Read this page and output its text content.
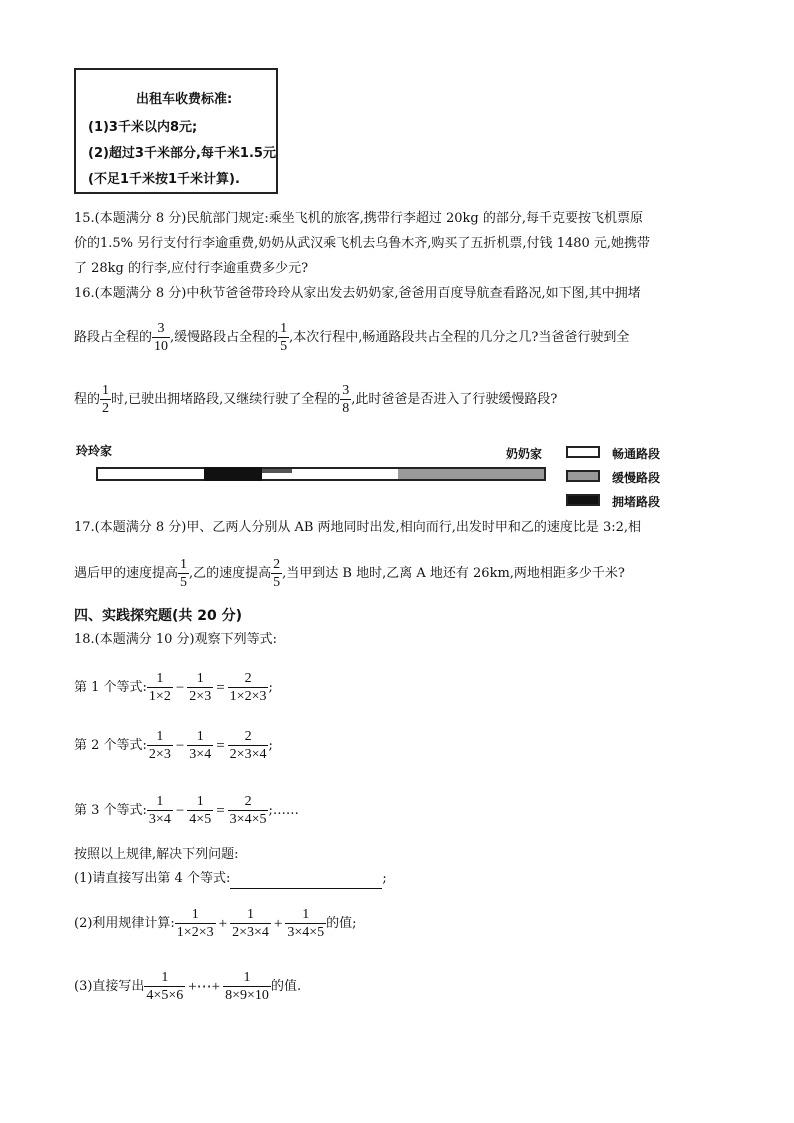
出租车收费标准:
(1)3千米以内8元;
(2)超过3千米部分,每千米1.5元
(不足1千米按1千米计算).
15.(本题满分 8 分)民航部门规定:乘坐飞机的旅客,携带行李超过 20kg 的部分,每千克要按飞机票原
价的1.5% 另行支付行李逾重费,奶奶从武汉乘飞机去乌鲁木齐,购买了五折机票,付钱 1480 元,她携带
了 28kg 的行李,应付行李逾重费多少元?
16.(本题满分 8 分)中秋节爸爸带玲玲从家出发去奶奶家,爸爸用百度导航查看路况,如下图,其中拥堵
路段占全程的 $\frac{3}{10}$ ,缓慢路段占全程的 $\frac{1}{5}$ ,本次行程中,畅通路段共占全程的几分之几?当爸爸行驶到全
程的 $\frac{1}{2}$ 时,已驶出拥堵路段,又继续行驶了全程的 $\frac{3}{8}$ ,此时爸爸是否进入了行驶缓慢路段?
玲玲家	奶奶家	畅通路段
缓慢路段
拥堵路段
17.(本题满分 8 分)甲、乙两人分别从 AB 两地同时出发,相向而行,出发时甲和乙的速度比是 3:2,相
遇后甲的速度提高 $\frac{1}{5}$ ,乙的速度提高 $\frac{2}{5}$ ,当甲到达 B 地时,乙离 A 地还有 26km,两地相距多少千米?
四、实践探究题(共 20 分)
18.(本题满分 10 分)观察下列等式:
第 1 个等式: $\frac{1}{1\times 2} - \frac{1}{2\times 3} = \frac{2}{1\times 2\times 3}$ ;
第 2 个等式: $\frac{1}{2\times 3} - \frac{1}{3\times 4} = \frac{2}{2\times 3\times 4}$ ;
第 3 个等式: $\frac{1}{3\times 4} - \frac{1}{4\times 5} = \frac{2}{3\times 4\times 5}$ ;……
按照以上规律,解决下列问题:
(1)请直接写出第 4 个等式:	;
(2)利用规律计算: $\frac{1}{1\times 2\times 3} + \frac{1}{2\times 3\times 4} + \frac{1}{3\times 4\times 5}$ 的值;
(3)直接写出 $\frac{1}{4\times 5\times 6}$ +⋯+ $\frac{1}{8\times 9\times 10}$ 的值.
